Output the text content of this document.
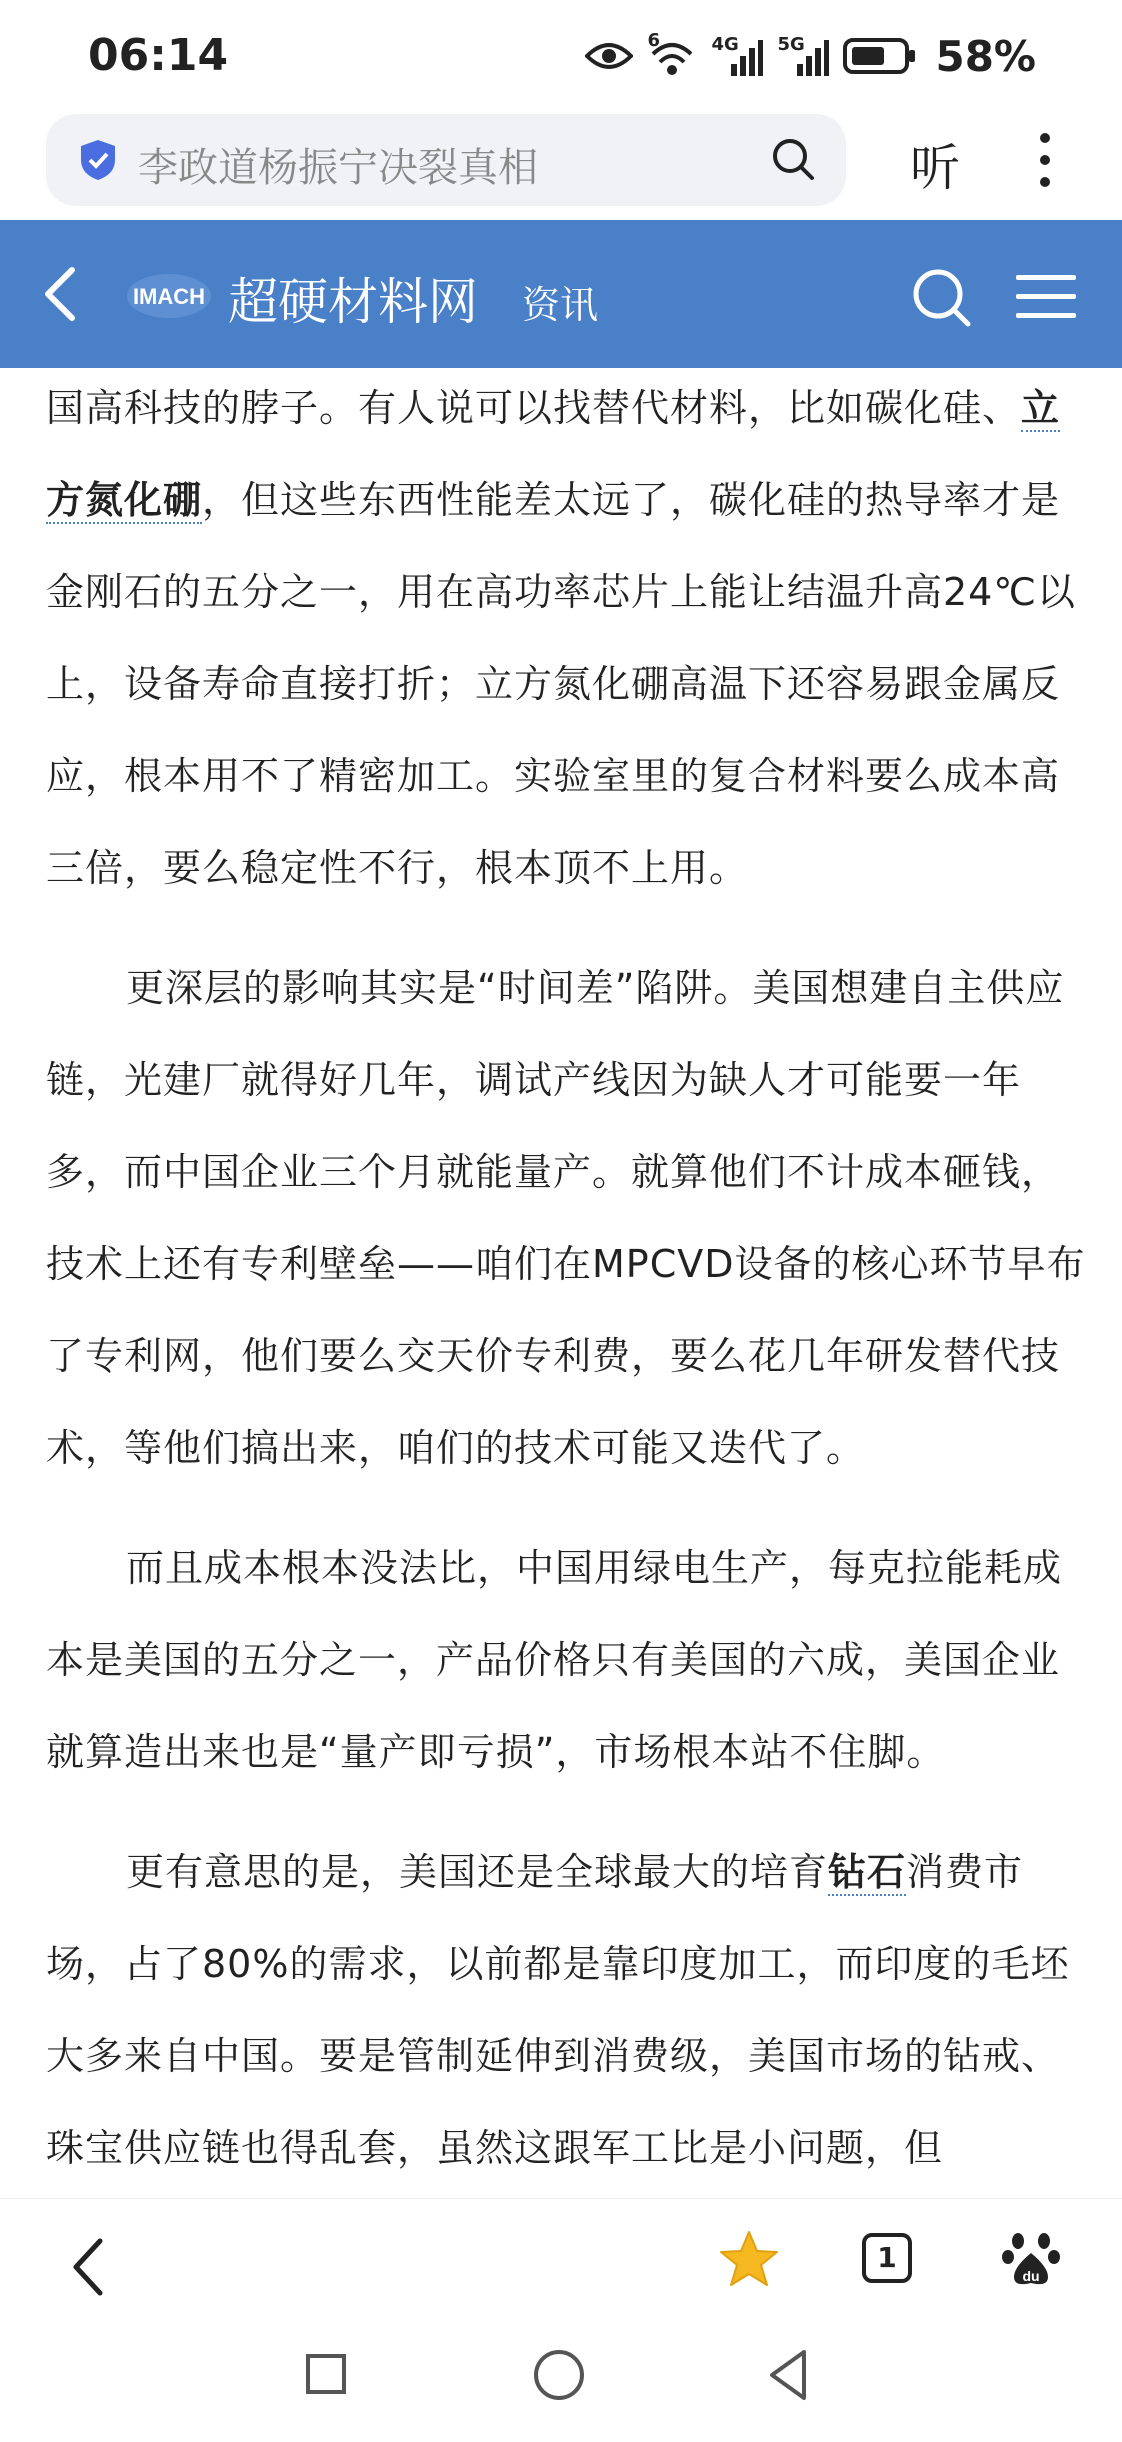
06:14	6	4G 5G	58%
李政道杨振宁决裂真相	听
IMACH 超硬材料网 资讯

国高科技的脖子。有人说可以找替代材料，比如碳化硅、立方氮化硼，但这些东西性能差太远了，碳化硅的热导率才是金刚石的五分之一，用在高功率芯片上能让结温升高24℃以上，设备寿命直接打折；立方氮化硼高温下还容易跟金属反应，根本用不了精密加工。实验室里的复合材料要么成本高三倍，要么稳定性不行，根本顶不上用。

更深层的影响其实是“时间差”陷阱。美国想建自主供应链，光建厂就得好几年，调试产线因为缺人才可能要一年多，而中国企业三个月就能量产。就算他们不计成本砸钱，技术上还有专利壁垒——咱们在MPCVD设备的核心环节早布了专利网，他们要么交天价专利费，要么花几年研发替代技术，等他们搞出来，咱们的技术可能又迭代了。

而且成本根本没法比，中国用绿电生产，每克拉能耗成本是美国的五分之一，产品价格只有美国的六成，美国企业就算造出来也是“量产即亏损”，市场根本站不住脚。

更有意思的是，美国还是全球最大的培育钻石消费市场，占了80%的需求，以前都是靠印度加工，而印度的毛坯大多来自中国。要是管制延伸到消费级，美国市场的钻戒、珠宝供应链也得乱套，虽然这跟军工比是小问题，但

1
du
